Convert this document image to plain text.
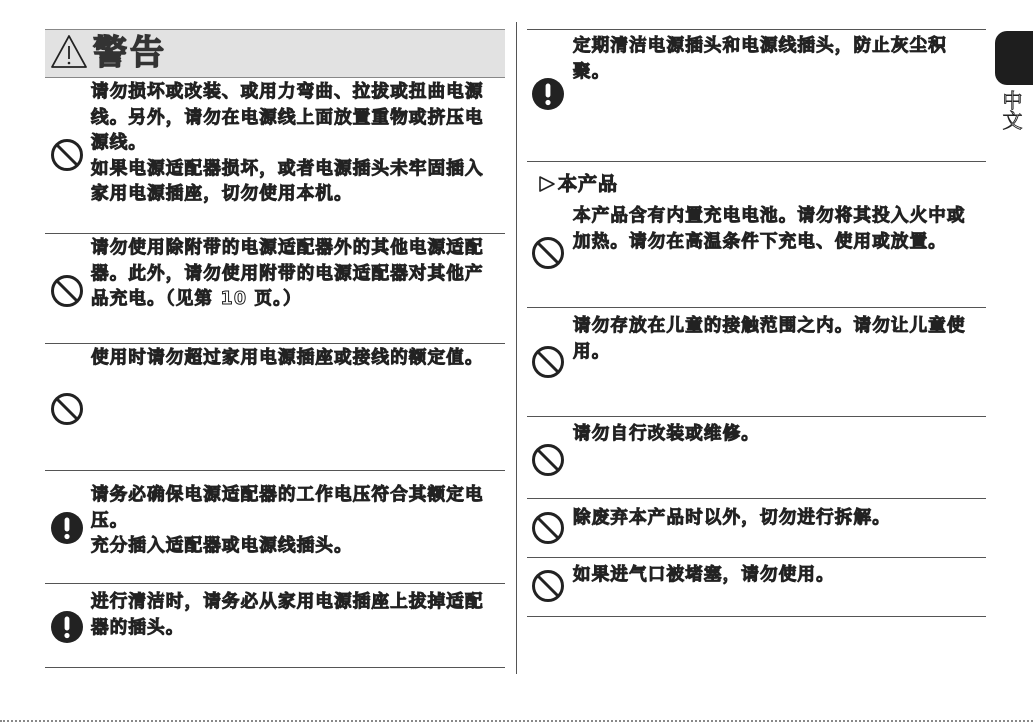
警告

请勿损坏或改装、或用力弯曲、拉拔或扭曲电源线。另外，请勿在电源线上面放置重物或挤压电源线。

如果电源适配器损坏，或者电源插头未牢固插入家用电源插座，切勿使用本机。

请勿使用除附带的电源适配器外的其他电源适配器。此外，请勿使用附带的电源适配器对其他产品充电。（见第 10 页。）

使用时请勿超过家用电源插座或接线的额定值。

请务必确保电源适配器的工作电压符合其额定电压。

充分插入适配器或电源线插头。

进行清洁时，请务必从家用电源插座上拔掉适配器的插头。

定期清洁电源插头和电源线插头，防止灰尘积聚。

本产品

本产品含有内置充电电池。请勿将其投入火中或加热。请勿在高温条件下充电、使用或放置。

请勿存放在儿童的接触范围之内。请勿让儿童使用。

请勿自行改装或维修。

除废弃本产品时以外，切勿进行拆解。

如果进气口被堵塞，请勿使用。

中文
